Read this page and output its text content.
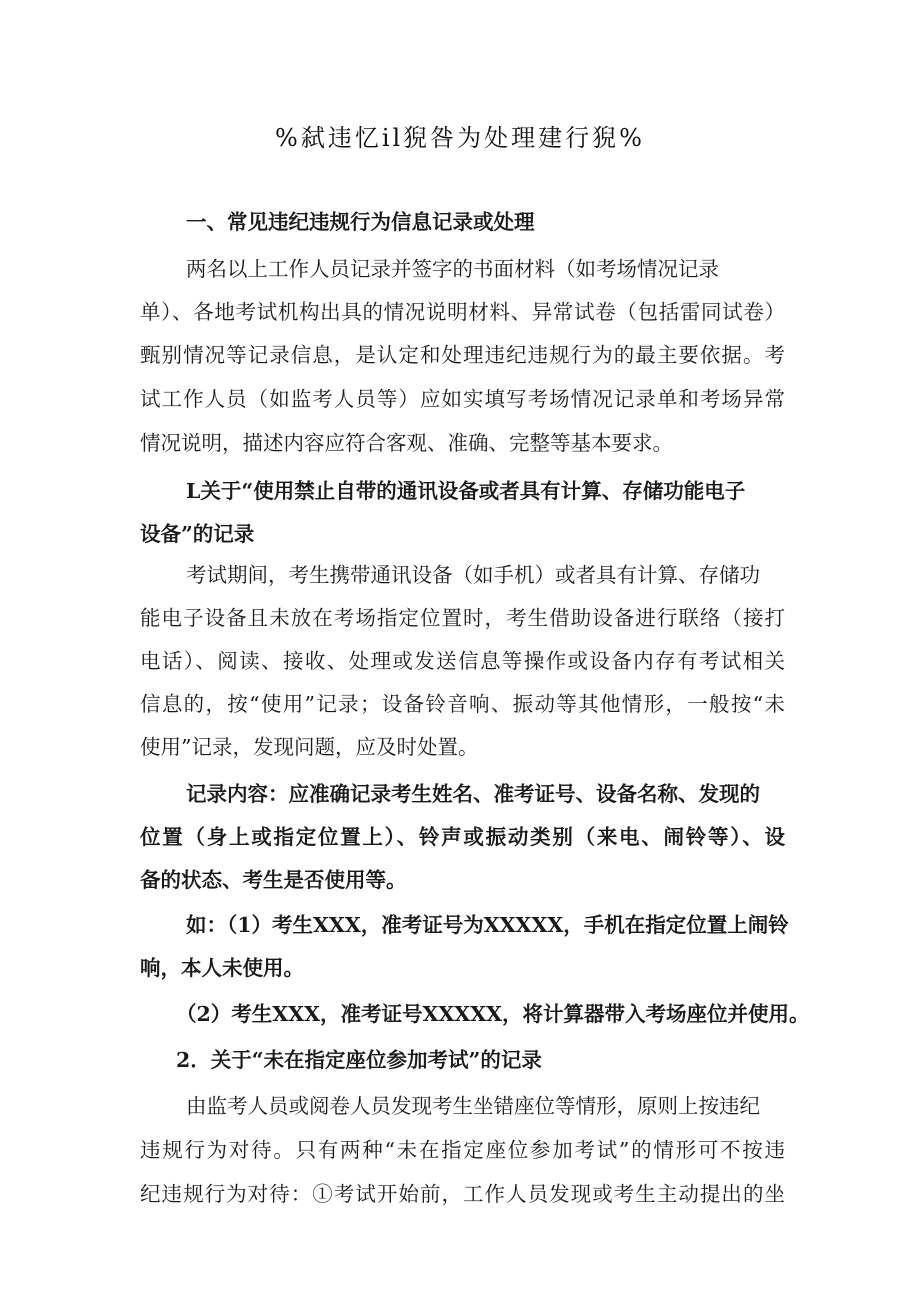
%弑违忆il猊咎为处理建行猊%
一、常见违纪违规行为信息记录或处理
两名以上工作人员记录并签字的书面材料（如考场情况记录
单）、各地考试机构出具的情况说明材料、异常试卷（包括雷同试卷）
甄别情况等记录信息，是认定和处理违纪违规行为的最主要依据。考
试工作人员（如监考人员等）应如实填写考场情况记录单和考场异常
情况说明，描述内容应符合客观、准确、完整等基本要求。
L关于“使用禁止自带的通讯设备或者具有计算、存储功能电子
设备”的记录
考试期间，考生携带通讯设备（如手机）或者具有计算、存储功
能电子设备且未放在考场指定位置时，考生借助设备进行联络（接打
电话）、阅读、接收、处理或发送信息等操作或设备内存有考试相关
信息的，按“使用”记录；设备铃音响、振动等其他情形，一般按“未
使用”记录，发现问题，应及时处置。
记录内容：应准确记录考生姓名、准考证号、设备名称、发现的
位置（身上或指定位置上）、铃声或振动类别（来电、闹铃等）、设
备的状态、考生是否使用等。
如：（1）考生XXX，准考证号为XXXXX，手机在指定位置上闹铃
响，本人未使用。
（2）考生XXX，准考证号XXXXX，将计算器带入考场座位并使用。
2．关于“未在指定座位参加考试”的记录
由监考人员或阅卷人员发现考生坐错座位等情形，原则上按违纪
违规行为对待。只有两种“未在指定座位参加考试”的情形可不按违
纪违规行为对待：①考试开始前，工作人员发现或考生主动提出的坐
